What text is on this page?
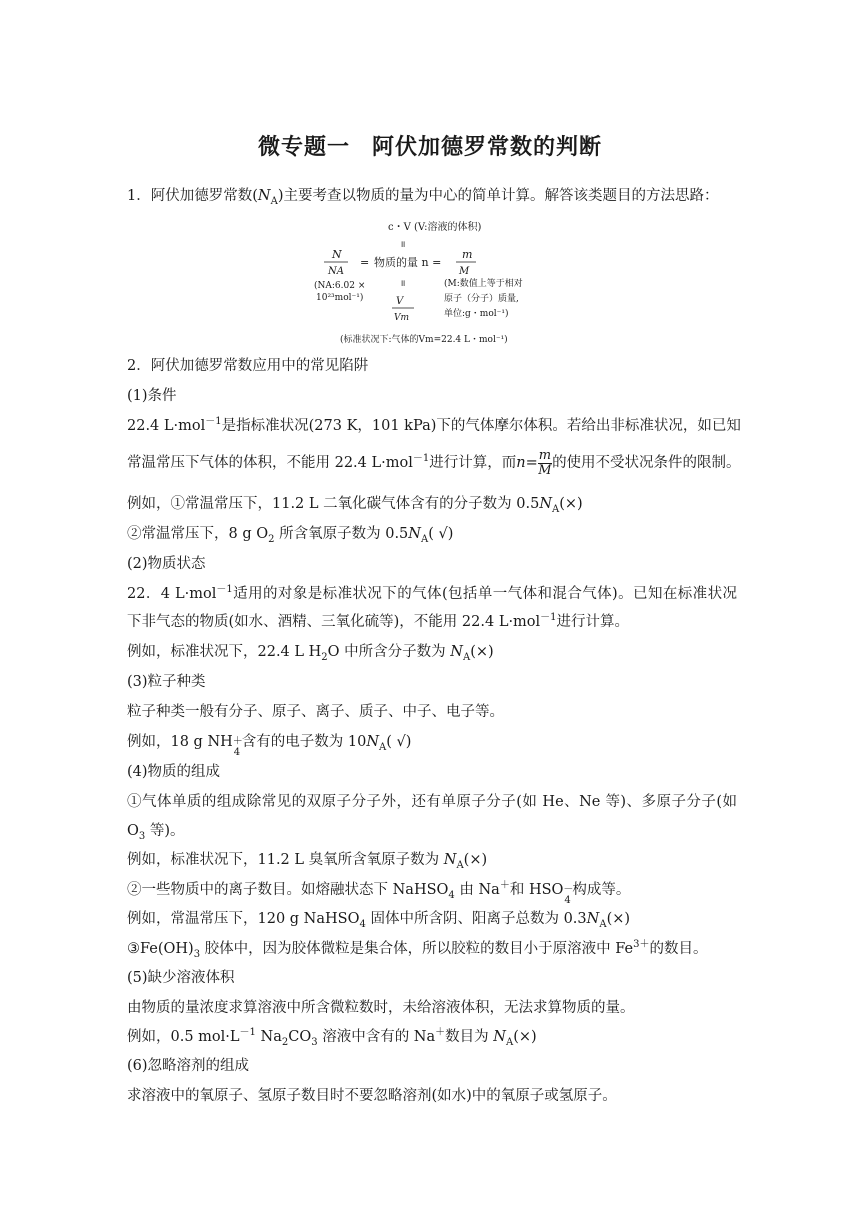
微专题一 阿伏加德罗常数的判断
1．阿伏加德罗常数$(N_A)$主要考查以物质的量为中心的简单计算。解答该类题目的方法思路：
c・V (V:溶液的体积)
॥
N
NA
= 物质的量 n =
m
M
(NA:6.02 ×
10²³mol⁻¹)
॥	(M:数值上等于相对
原子（分子）质量,
单位:g・mol⁻¹)
V
Vm
(标准状况下:气体的Vm=22.4 L・mol⁻¹)
2．阿伏加德罗常数应用中的常见陷阱
(1)条件
22.4 L·mol$^{-1}$是指标准状况(273 K，101 kPa)下的气体摩尔体积。若给出非标准状况，如已知
常温常压下气体的体积，不能用 22.4 L·mol$^{-1}$进行计算，而$n= \frac{m}{M}$ 的使用不受状况条件的限制。
例如，①常温常压下，11.2 L 二氧化碳气体含有的分子数为 $0.5N_A(\times)$
②常温常压下，8 g $O_2$ 所含氧原子数为 $0.5N_A$( √)
(2)物质状态
22．4 L·mol$^{-1}$适用的对象是标准状况下的气体(包括单一气体和混合气体)。已知在标准状况
下非气态的物质(如水、酒精、三氧化硫等)，不能用 22.4 L·mol$^{-1}$进行计算。
例如，标准状况下，22.4 L $H_2O$ 中所含分子数为 $N_A(\times)$
(3)粒子种类
粒子种类一般有分子、原子、离子、质子、中子、电子等。
例如，18 g NH ＋
4
含有的电子数为 $10N_A$( √)
(4)物质的组成
①气体单质的组成除常见的双原子分子外，还有单原子分子(如 He、Ne 等)、多原子分子(如
$O_3$ 等)。
例如，标准状况下，11.2 L 臭氧所含氧原子数为 $N_A(\times)$
②一些物质中的离子数目。如熔融状态下 NaHSO$_4$ 由 Na＋和 HSO －
4
构成等。
例如，常温常压下，120 g NaHSO$_4$ 固体中所含阴、阳离子总数为 $0.3N_A(\times)$
$③Fe(OH)_3$ 胶体中，因为胶体微粒是集合体，所以胶粒的数目小于原溶液中 $Fe^{3+}$的数目。
(5)缺少溶液体积
由物质的量浓度求算溶液中所含微粒数时，未给溶液体积，无法求算物质的量。
例如，0.5 $mol\cdot L^{-1}$ $Na_2CO_3$ 溶液中含有的 Na＋数目为 $N_A(\times)$
(6)忽略溶剂的组成
求溶液中的氧原子、氢原子数目时不要忽略溶剂(如水)中的氧原子或氢原子。
